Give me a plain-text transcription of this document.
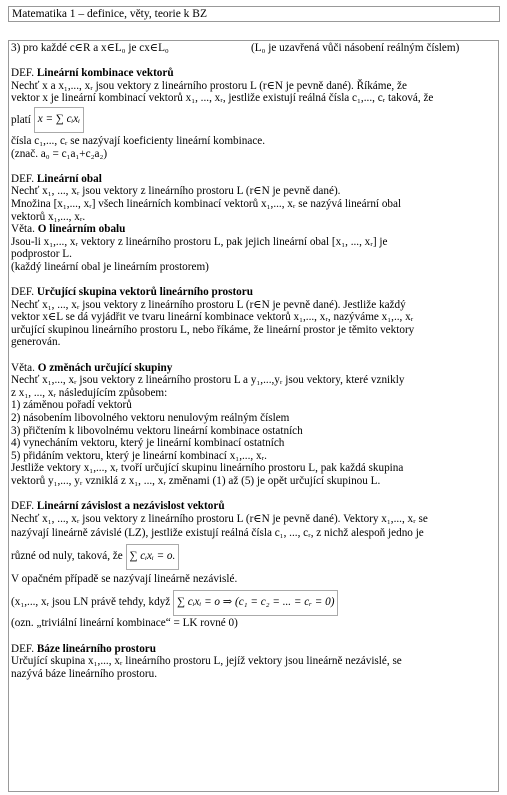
Matematika 1 – definice, věty, teorie k BZ
3) pro každé c∈R a x∈L₀ je cx∈L₀	(L₀ je uzavřená vůči násobení reálným číslem)
DEF. Lineární kombinace vektorů
Nechť x a x₁,..., xᵣ jsou vektory z lineárního prostoru L (r∈N je pevně dané). Říkáme, že
vektor x je lineární kombinací vektorů x₁, ..., xᵣ, jestliže existují reálná čísla c₁,..., cᵣ taková, že
platí x = ∑ cᵢxᵢ
čísla c₁,..., cᵣ se nazývají koeficienty lineární kombinace.
(znač. a₀ = c₁a₁+c₂a₂)
DEF. Lineární obal
Nechť x₁, ..., xᵣ jsou vektory z lineárního prostoru L (r∈N je pevně dané).
Množina [x₁,..., xᵣ] všech lineárních kombinací vektorů x₁,..., xᵣ se nazývá lineární obal
vektorů x₁,..., xᵣ.
Věta. O lineárním obalu
Jsou-li x₁,..., xᵣ vektory z lineárního prostoru L, pak jejich lineární obal [x₁, ..., xᵣ] je
podprostor L.
(každý lineární obal je lineárním prostorem)
DEF. Určující skupina vektorů lineárního prostoru
Nechť x₁, ..., xᵣ jsou vektory z lineárního prostoru L (r∈N je pevně dané). Jestliže každý
vektor x∈L se dá vyjádřit ve tvaru lineární kombinace vektorů x₁,..., xᵣ, nazýváme x₁,.., xᵣ
určující skupinou lineárního prostoru L, nebo říkáme, že lineární prostor je těmito vektory
generován.
Věta. O změnách určující skupiny
Nechť x₁,..., xᵣ jsou vektory z lineárního prostoru L a y₁,...,yᵣ jsou vektory, které vznikly
z x₁, ..., xᵣ následujícím způsobem:
1) záměnou pořadí vektorů
2) násobením libovolného vektoru nenulovým reálným číslem
3) přičtením k libovolnému vektoru lineární kombinace ostatních
4) vynecháním vektoru, který je lineární kombinací ostatních
5) přidáním vektoru, který je lineární kombinací x₁,..., xᵣ.
Jestliže vektory x₁,..., xᵣ tvoří určující skupinu lineárního prostoru L, pak každá skupina
vektorů y₁,..., yᵣ vzniklá z x₁, ..., xᵣ změnami (1) až (5) je opět určující skupinou L.
DEF. Lineární závislost a nezávislost vektorů
Nechť x₁, ..., xᵣ jsou vektory z lineárního prostoru L (r∈N je pevně dané). Vektory x₁,..., xᵣ se
nazývají lineárně závislé (LZ), jestliže existují reálná čísla c₁, ..., cᵣ, z nichž alespoň jedno je
různé od nuly, taková, že ∑ cᵢxᵢ = o.
V opačném případě se nazývají lineárně nezávislé.
(x₁,..., xᵣ jsou LN právě tehdy, když ∑ cᵢxᵢ = o ⇒ (c₁ = c₂ = ... = cᵣ = 0)
(ozn. „triviální lineární kombinace“ = LK rovné 0)
DEF. Báze lineárního prostoru
Určující skupina x₁,..., xᵣ lineárního prostoru L, jejíž vektory jsou lineárně nezávislé, se
nazývá báze lineárního prostoru.
